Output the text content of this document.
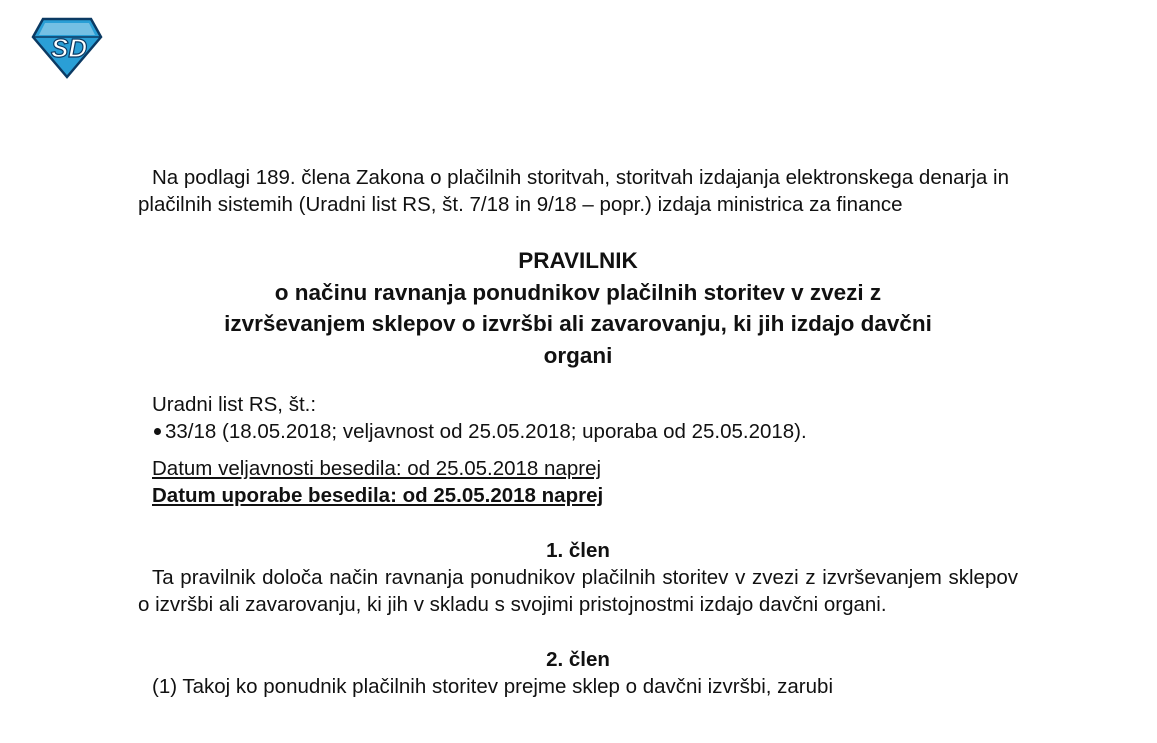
SD

Na podlagi 189. člena Zakona o plačilnih storitvah, storitvah izdajanja elektronskega denarja in plačilnih sistemih (Uradni list RS, št. 7/18 in 9/18 – popr.) izdaja ministrica za finance

PRAVILNIK
o načinu ravnanja ponudnikov plačilnih storitev v zvezi z
izvrševanjem sklepov o izvršbi ali zavarovanju, ki jih izdajo davčni
organi

Uradni list RS, št.:

33/18 (18.05.2018; veljavnost od 25.05.2018; uporaba od 25.05.2018).

Datum veljavnosti besedila: od 25.05.2018 naprej

Datum uporabe besedila: od 25.05.2018 naprej

1. člen

Ta pravilnik določa način ravnanja ponudnikov plačilnih storitev v zvezi z izvrševanjem sklepov o izvršbi ali zavarovanju, ki jih v skladu s svojimi pristojnostmi izdajo davčni organi.

2. člen

(1) Takoj ko ponudnik plačilnih storitev prejme sklep o davčni izvršbi, zarubi
